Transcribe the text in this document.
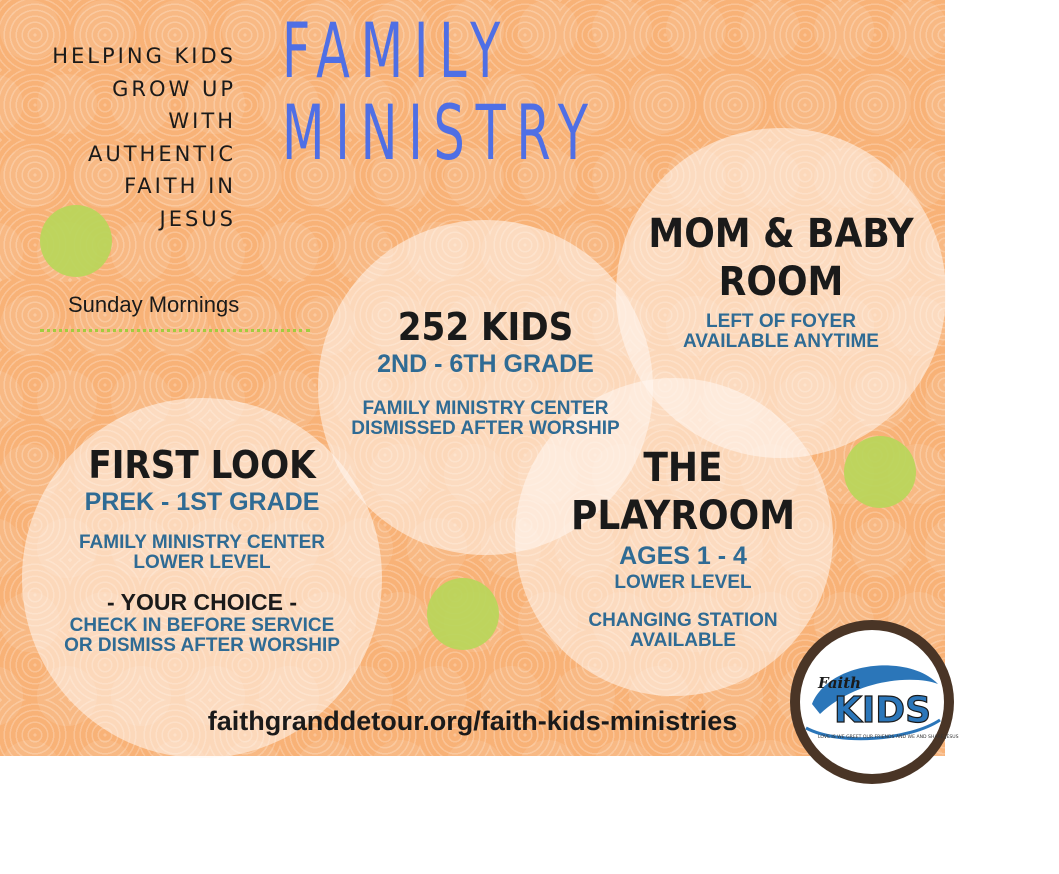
HELPING KIDS
GROW UP
WITH
AUTHENTIC
FAITH IN
JESUS
FAMILY
MINISTRY
Sunday Mornings
MOM & BABY
ROOM
LEFT OF FOYER
AVAILABLE ANYTIME
252 KIDS
2ND - 6TH GRADE
FAMILY MINISTRY CENTER
DISMISSED AFTER WORSHIP
FIRST LOOK
PREK - 1ST GRADE
FAMILY MINISTRY CENTER
LOWER LEVEL
- YOUR CHOICE -
CHECK IN BEFORE SERVICE
OR DISMISS AFTER WORSHIP
THE
PLAYROOM
AGES 1 - 4
LOWER LEVEL
CHANGING STATION
AVAILABLE
faithgranddetour.org/faith-kids-ministries
Faith
KIDS
LOVE IS WE GREET OUR FRIENDS AND WE AND SHARE JESUS
